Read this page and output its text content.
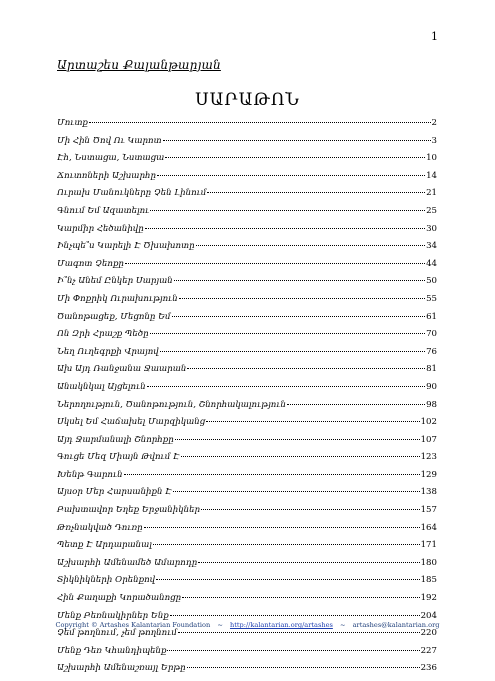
1
Արտաշես Քալանթարյան
ՍԱՐԱԹՈՆ
Մուտք	2
Մի Հին Ծով Ու Կարոտ	3
Էհ, Նստացա, Նստացա	10
Ճուտոների Աշխարհը	14
Ուրախ Մանուկները Չեն Լինում	21
Գնում Եմ Ազատելու	25
Կարմիր Հեծանիվը	30
Ինչպե՞ս Կարելի Է Ծխախոտը	34
Մագոտ Չեոքը	44
Ի՞նչ Անեմ Ընկեր Սարյան	50
Մի Փոքրիկ Ուրախություն	55
Ծանոթացեք, Մեցոնը Եմ	61
Ոն Զրի Հրաշք Պեծը	70
Նեղ Ուղեգրքի Վրայով	76
Ախ Այդ Ռանջանա Ջաարան	81
Անակնկալ Այցելուն	90
Ներողություն, Ծանոթություն, Շնորհակալություն	98
Սկսել Եմ Հաճախել Մարզիկանց	102
Այդ Ջարմանալի Շնորհքը	107
Գուցե Մեզ Միայն Թվում Է	123
Խենթ Գարուն	129
Այսօր Մեր Հարսանիքն Է	138
Բախտավոր Եղեք Երջանիկներ	157
Թռչնակված Դուռը	164
Պետք Է Արդարանալ	171
Աշխարհի Ամենամեծ Ամարոդը	180
Տիկնիկների Օրենքով	185
Հին Քաղաքի Կորածանոցը	192
Մենք Բեռնակիրներ Ենք	204
Չեմ թողնում, չեմ թողնում	220
Մենք Դեռ Կհանդիպենք	227
Աշխարհի Ամենաշռայլ Երթը	236
Copyright © Artashes Kalantarian Foundation ~ http://kalantarian.org/artashes ~ artashes@kalantarian.org
